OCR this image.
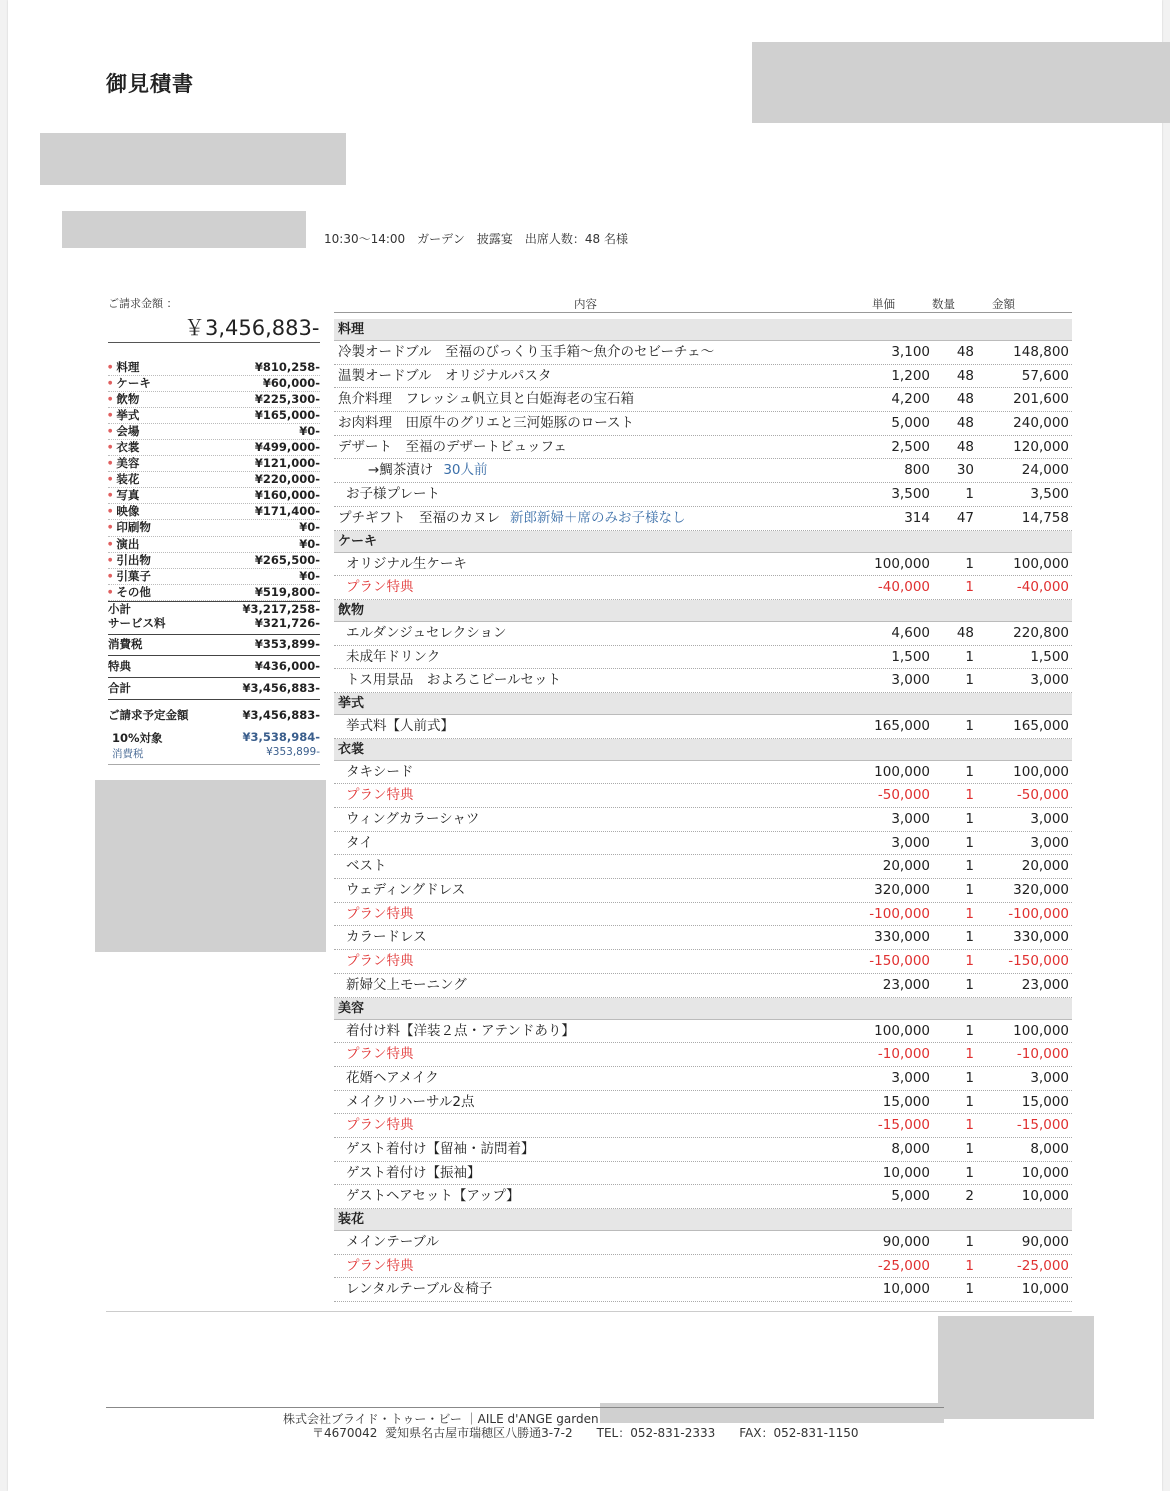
御見積書
10:30〜14:00　ガーデン　披露宴　出席人数：48 名様
ご請求金額 ：
￥3,456,883-
● 料理	¥810,258-
● ケーキ	¥60,000-
● 飲物	¥225,300-
● 挙式	¥165,000-
● 会場	¥0-
● 衣裳	¥499,000-
● 美容	¥121,000-
● 装花	¥220,000-
● 写真	¥160,000-
● 映像	¥171,400-
● 印刷物	¥0-
● 演出	¥0-
● 引出物	¥265,500-
● 引菓子	¥0-
● その他	¥519,800-
小計	¥3,217,258-
サービス料	¥321,726-
消費税	¥353,899-
特典	¥436,000-
合計	¥3,456,883-
ご請求予定金額	¥3,456,883-
10%対象	¥3,538,984-
消費税	¥353,899-
内容	単価	数量	金額
料理
冷製オードブル　至福のびっくり玉手箱〜魚介のセビーチェ〜	3,100 48	148,800
温製オードブル　オリジナルパスタ	1,200 48	57,600
魚介料理　フレッシュ帆立貝と白姫海老の宝石箱	4,200 48	201,600
お肉料理　田原牛のグリエと三河姫豚のロースト	5,000 48	240,000
デザート　至福のデザートビュッフェ	2,500 48	120,000
→鯛茶漬け 30人前	800 30	24,000
お子様プレート	3,500	1	3,500
プチギフト　至福のカヌレ 新郎新婦＋席のみお子様なし	314 47	14,758
ケーキ
オリジナル生ケーキ	100,000	1	100,000
プラン特典	-40,000	1	-40,000
飲物
エルダンジュセレクション	4,600 48	220,800
未成年ドリンク	1,500	1	1,500
トス用景品　およろこビールセット	3,000	1	3,000
挙式
挙式料【人前式】	165,000	1	165,000
衣裳
タキシード	100,000	1	100,000
プラン特典	-50,000	1	-50,000
ウィングカラーシャツ	3,000	1	3,000
タイ	3,000	1	3,000
ベスト	20,000	1	20,000
ウェディングドレス	320,000	1	320,000
プラン特典	-100,000	1	-100,000
カラードレス	330,000	1	330,000
プラン特典	-150,000	1	-150,000
新婦父上モーニング	23,000	1	23,000
美容
着付け料【洋装２点・アテンドあり】	100,000	1	100,000
プラン特典	-10,000	1	-10,000
花婿ヘアメイク	3,000	1	3,000
メイクリハーサル2点	15,000	1	15,000
プラン特典	-15,000	1	-15,000
ゲスト着付け【留袖・訪問着】	8,000	1	8,000
ゲスト着付け【振袖】	10,000	1	10,000
ゲストヘアセット【アップ】	5,000	2	10,000
装花
メインテーブル	90,000	1	90,000
プラン特典	-25,000	1	-25,000
レンタルテーブル＆椅子	10,000	1	10,000
株式会社ブライド・トゥー・ビー ｜AILE d'ANGE garden
〒4670042  愛知県名古屋市瑞穂区八勝通3-7-2　　TEL：052-831-2333　　FAX：052-831-1150
